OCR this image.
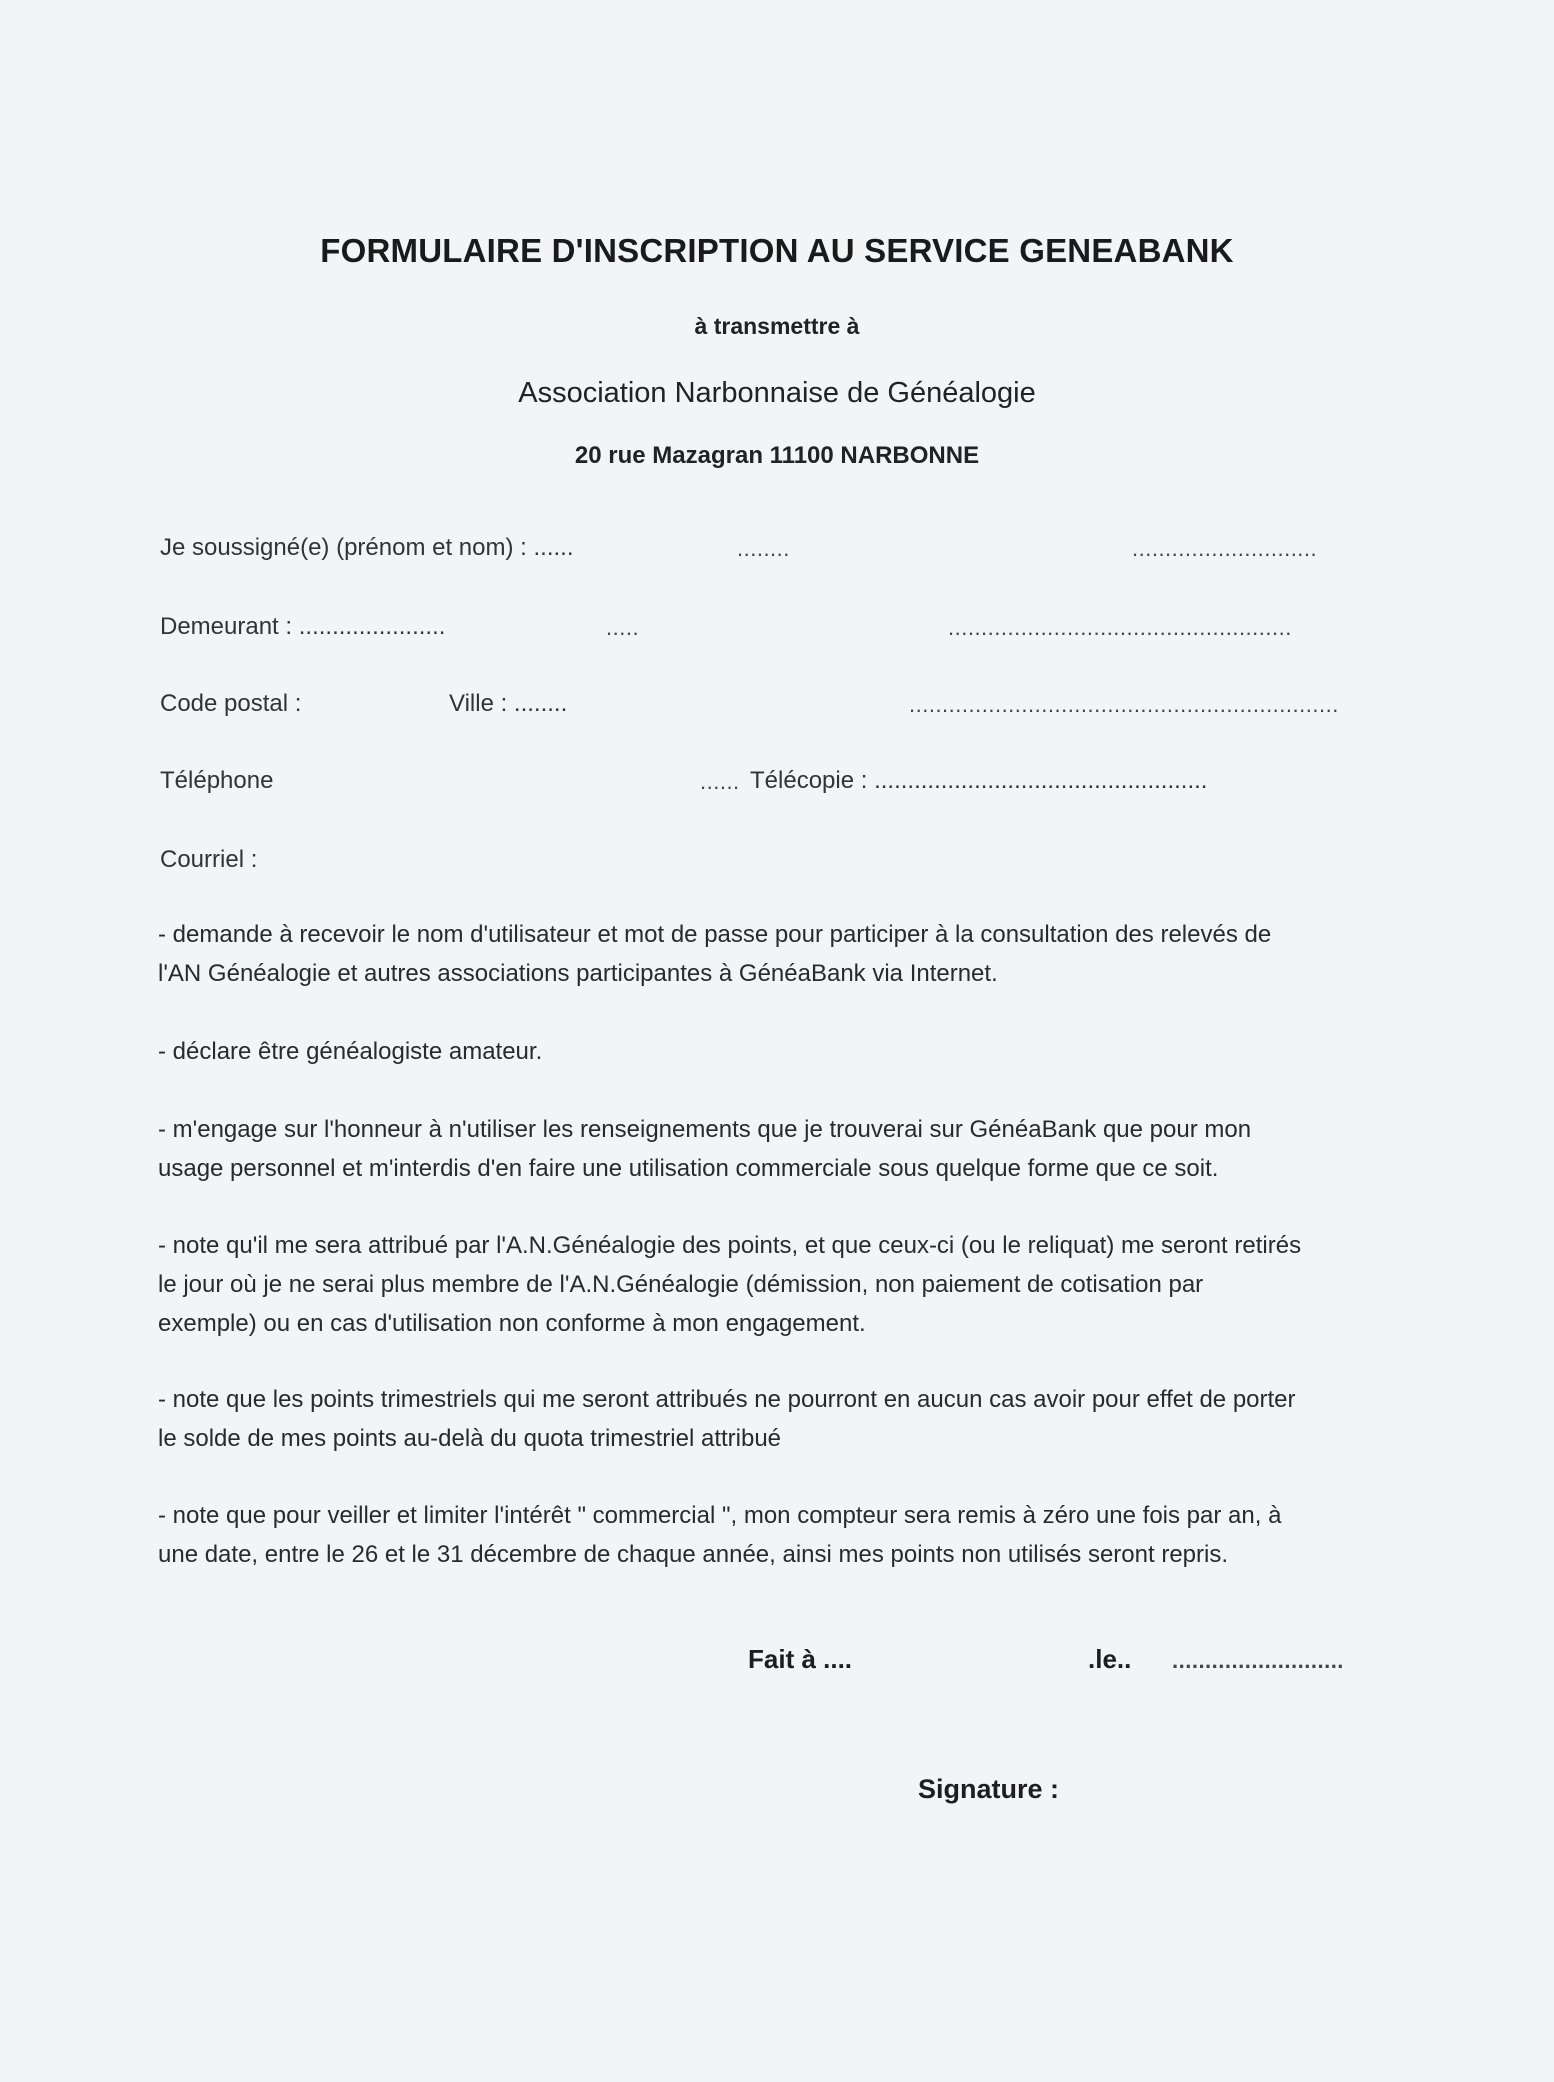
FORMULAIRE D'INSCRIPTION AU SERVICE GENEABANK
à transmettre à
Association Narbonnaise de Généalogie
20 rue Mazagran 11100 NARBONNE
Je soussigné(e) (prénom et nom) : ......	........	............................
Demeurant : ......................	.....	....................................................
Code postal :	Ville : ........	.................................................................
Téléphone	...... Télécopie : ..................................................
Courriel :

- demande à recevoir le nom d'utilisateur et mot de passe pour participer à la consultation des relevés de

l'AN Généalogie et autres associations participantes à GénéaBank via Internet.

- déclare être généalogiste amateur.

- m'engage sur l'honneur à n'utiliser les renseignements que je trouverai sur GénéaBank que pour mon

usage personnel et m'interdis d'en faire une utilisation commerciale sous quelque forme que ce soit.

- note qu'il me sera attribué par l'A.N.Généalogie des points, et que ceux-ci (ou le reliquat) me seront retirés

le jour où je ne serai plus membre de l'A.N.Généalogie (démission, non paiement de cotisation par

exemple) ou en cas d'utilisation non conforme à mon engagement.

- note que les points trimestriels qui me seront attribués ne pourront en aucun cas avoir pour effet de porter

le solde de mes points au-delà du quota trimestriel attribué

- note que pour veiller et limiter l'intérêt " commercial ", mon compteur sera remis à zéro une fois par an, à

une date, entre le 26 et le 31 décembre de chaque année, ainsi mes points non utilisés seront repris.

Fait à ....	.le.. ..........................
Signature :
